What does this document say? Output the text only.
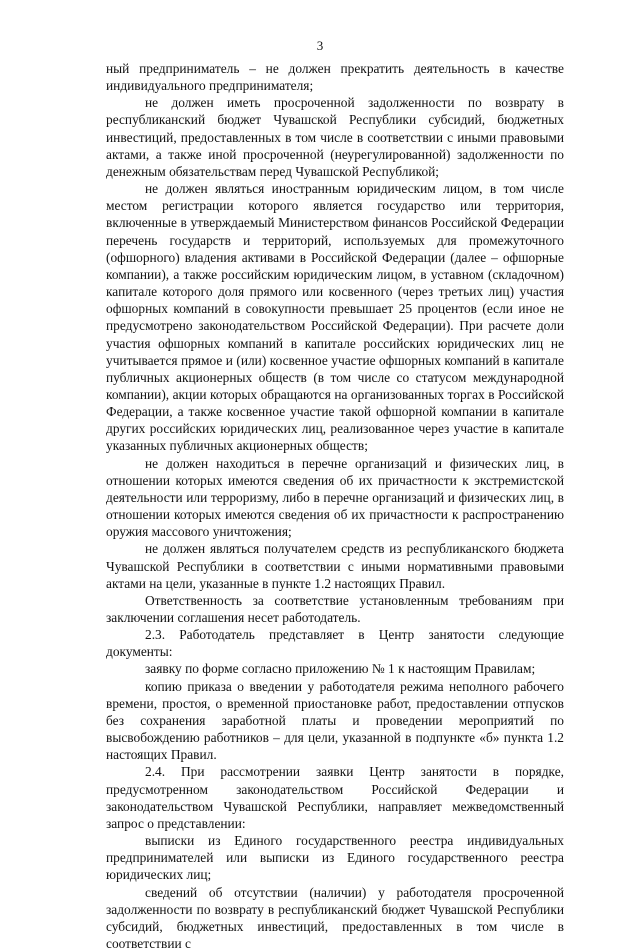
3

ный предприниматель – не должен прекратить деятельность в качестве индивидуального предпринимателя;

не должен иметь просроченной задолженности по возврату в республиканский бюджет Чувашской Республики субсидий, бюджетных инвестиций, предоставленных в том числе в соответствии с иными правовыми актами, а также иной просроченной (неурегулированной) задолженности по денежным обязательствам перед Чувашской Республикой;

не должен являться иностранным юридическим лицом, в том числе местом регистрации которого является государство или территория, включенные в утверждаемый Министерством финансов Российской Федерации перечень государств и территорий, используемых для промежуточного (офшорного) владения активами в Российской Федерации (далее – офшорные компании), а также российским юридическим лицом, в уставном (складочном) капитале которого доля прямого или косвенного (через третьих лиц) участия офшорных компаний в совокупности превышает 25 процентов (если иное не предусмотрено законодательством Российской Федерации). При расчете доли участия офшорных компаний в капитале российских юридических лиц не учитывается прямое и (или) косвенное участие офшорных компаний в капитале публичных акционерных обществ (в том числе со статусом международной компании), акции которых обращаются на организованных торгах в Российской Федерации, а также косвенное участие такой офшорной компании в капитале других российских юридических лиц, реализованное через участие в капитале указанных публичных акционерных обществ;

не должен находиться в перечне организаций и физических лиц, в отношении которых имеются сведения об их причастности к экстремистской деятельности или терроризму, либо в перечне организаций и физических лиц, в отношении которых имеются сведения об их причастности к распространению оружия массового уничтожения;

не должен являться получателем средств из республиканского бюджета Чувашской Республики в соответствии с иными нормативными правовыми актами на цели, указанные в пункте 1.2 настоящих Правил.

Ответственность за соответствие установленным требованиям при заключении соглашения несет работодатель.

2.3. Работодатель представляет в Центр занятости следующие документы:

заявку по форме согласно приложению № 1 к настоящим Правилам;

копию приказа о введении у работодателя режима неполного рабочего времени, простоя, о временной приостановке работ, предоставлении отпусков без сохранения заработной платы и проведении мероприятий по высвобождению работников – для цели, указанной в подпункте «б» пункта 1.2 настоящих Правил.

2.4. При рассмотрении заявки Центр занятости в порядке, предусмотренном законодательством Российской Федерации и законодательством Чувашской Республики, направляет межведомственный запрос о представлении:

выписки из Единого государственного реестра индивидуальных предпринимателей или выписки из Единого государственного реестра юридических лиц;

сведений об отсутствии (наличии) у работодателя просроченной задолженности по возврату в республиканский бюджет Чувашской Республики субсидий, бюджетных инвестиций, предоставленных в том числе в соответствии с
